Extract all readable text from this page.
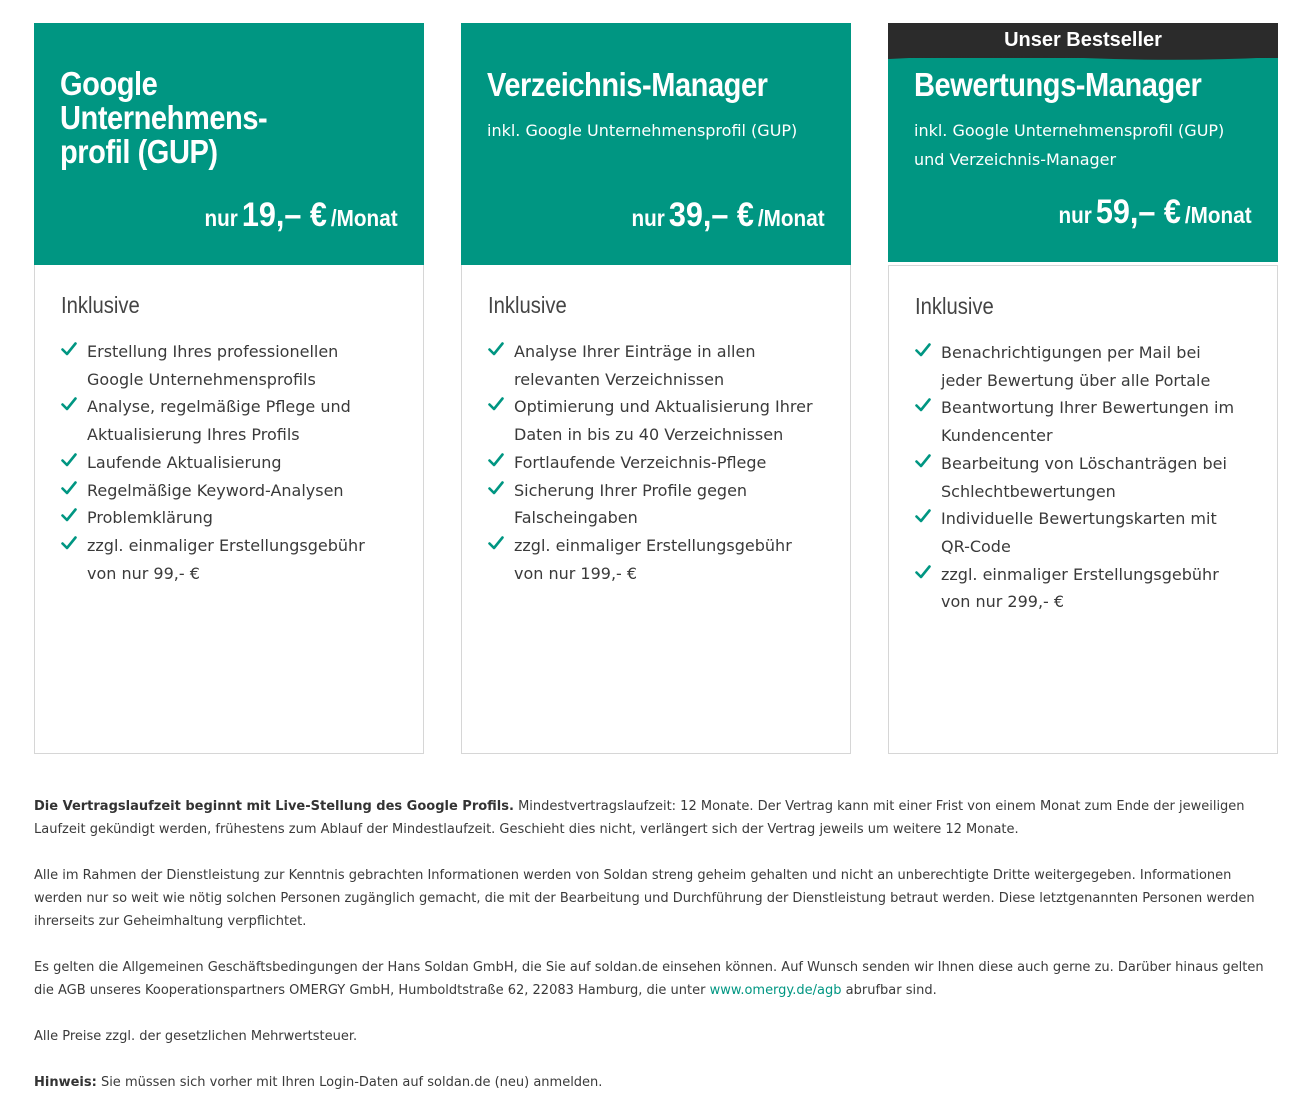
Google Unternehmens-
profil (GUP)
nur 19,– € /Monat
Inklusive
Erstellung Ihres professionellen
Google Unternehmensprofils
Analyse, regelmäßige Pflege und
Aktualisierung Ihres Profils
Laufende Aktualisierung
Regelmäßige Keyword-Analysen
Problemklärung
zzgl. einmaliger Erstellungsgebühr
von nur 99,- €
Verzeichnis-Manager
inkl. Google Unternehmensprofil (GUP)
nur 39,– € /Monat
Inklusive
Analyse Ihrer Einträge in allen
relevanten Verzeichnissen
Optimierung und Aktualisierung Ihrer
Daten in bis zu 40 Verzeichnissen
Fortlaufende Verzeichnis-Pflege
Sicherung Ihrer Profile gegen
Falscheingaben
zzgl. einmaliger Erstellungsgebühr
von nur 199,- €
Unser Bestseller
Bewertungs-Manager
inkl. Google Unternehmensprofil (GUP)
und Verzeichnis-Manager
nur 59,– € /Monat
Inklusive
Benachrichtigungen per Mail bei
jeder Bewertung über alle Portale
Beantwortung Ihrer Bewertungen im
Kundencenter
Bearbeitung von Löschanträgen bei
Schlechtbewertungen
Individuelle Bewertungskarten mit
QR-Code
zzgl. einmaliger Erstellungsgebühr
von nur 299,- €

Die Vertragslaufzeit beginnt mit Live-Stellung des Google Profils. Mindestvertragslaufzeit: 12 Monate. Der Vertrag kann mit einer Frist von einem Monat zum Ende der jeweiligen Laufzeit gekündigt werden, frühestens zum Ablauf der Mindestlaufzeit. Geschieht dies nicht, verlängert sich der Vertrag jeweils um weitere 12 Monate.

Alle im Rahmen der Dienstleistung zur Kenntnis gebrachten Informationen werden von Soldan streng geheim gehalten und nicht an unberechtigte Dritte weitergegeben. Informationen werden nur so weit wie nötig solchen Personen zugänglich gemacht, die mit der Bearbeitung und Durchführung der Dienstleistung betraut werden. Diese letztgenannten Personen werden ihrerseits zur Geheimhaltung verpflichtet.

Es gelten die Allgemeinen Geschäftsbedingungen der Hans Soldan GmbH, die Sie auf soldan.de einsehen können. Auf Wunsch senden wir Ihnen diese auch gerne zu. Darüber hinaus gelten die AGB unseres Kooperationspartners OMERGY GmbH, Humboldtstraße 62, 22083 Hamburg, die unter www.omergy.de/agb abrufbar sind.

Alle Preise zzgl. der gesetzlichen Mehrwertsteuer.

Hinweis: Sie müssen sich vorher mit Ihren Login-Daten auf soldan.de (neu) anmelden.
